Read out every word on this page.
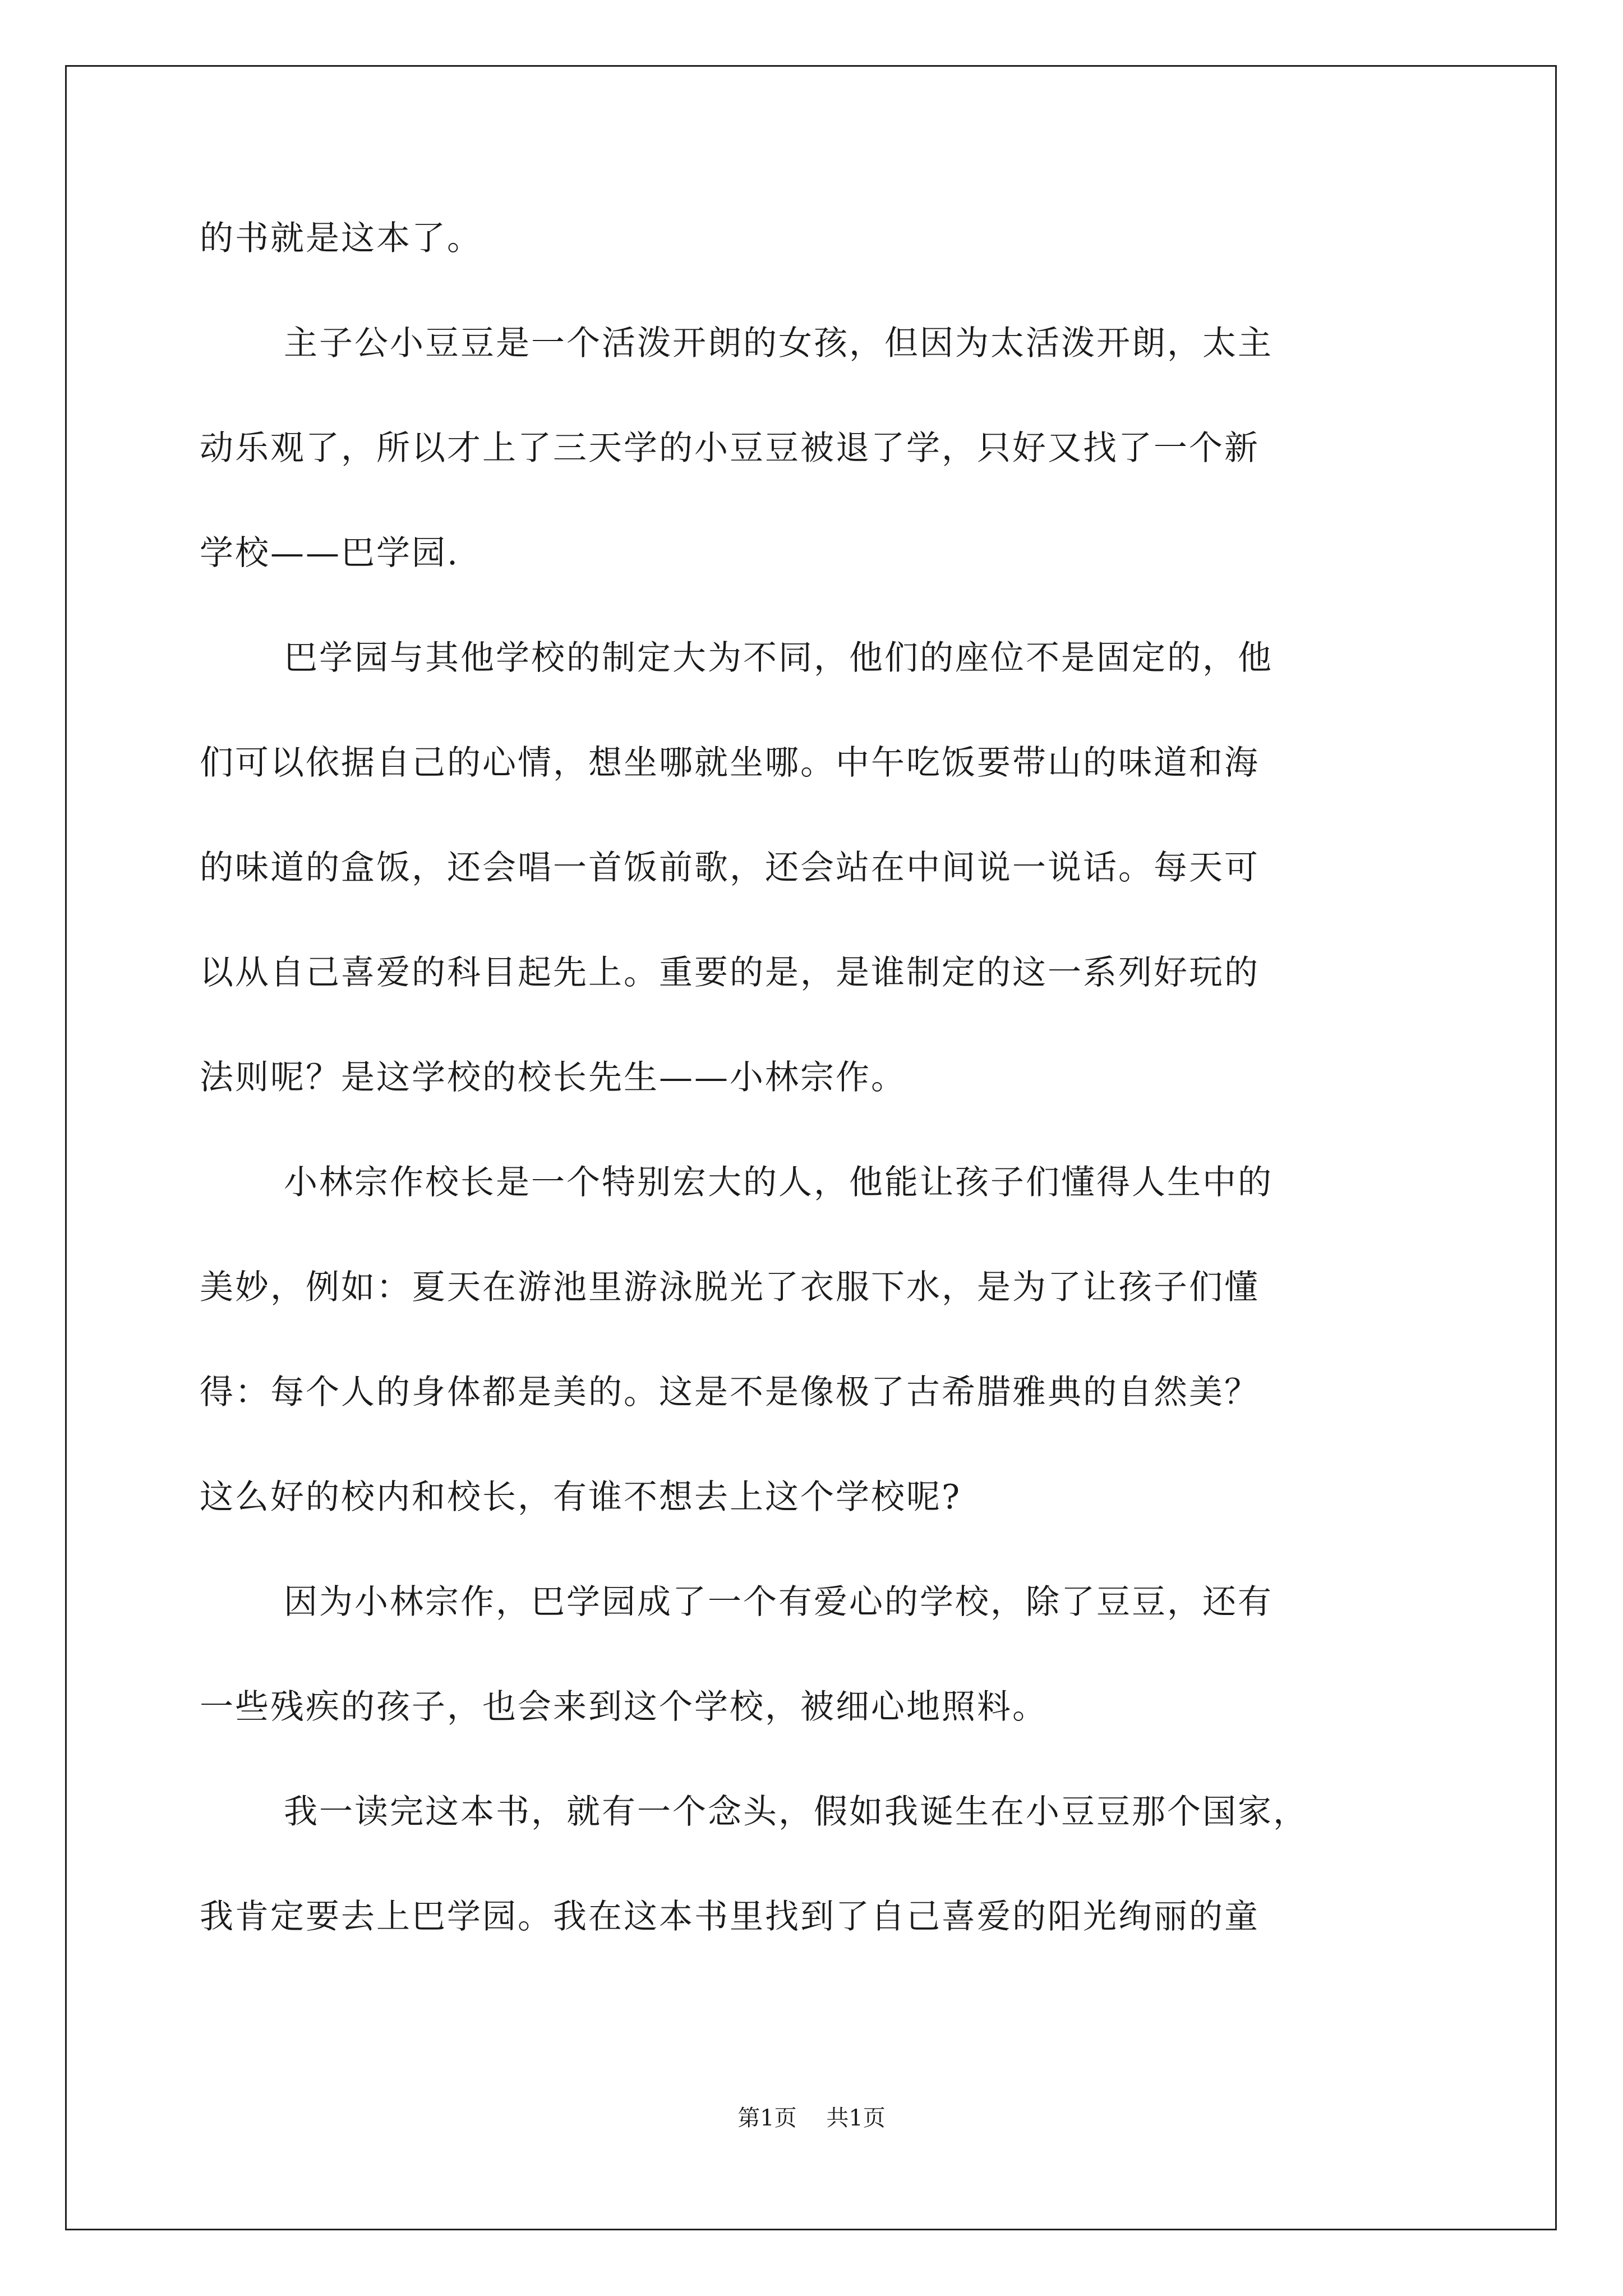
的书就是这本了。
主子公小豆豆是一个活泼开朗的女孩，但因为太活泼开朗，太主
动乐观了，所以才上了三天学的小豆豆被退了学，只好又找了一个新
学校——巴学园.
巴学园与其他学校的制定大为不同，他们的座位不是固定的，他
们可以依据自己的心情，想坐哪就坐哪。中午吃饭要带山的味道和海
的味道的盒饭，还会唱一首饭前歌，还会站在中间说一说话。每天可
以从自己喜爱的科目起先上。重要的是，是谁制定的这一系列好玩的
法则呢？是这学校的校长先生——小林宗作。
小林宗作校长是一个特别宏大的人，他能让孩子们懂得人生中的
美妙，例如：夏天在游池里游泳脱光了衣服下水，是为了让孩子们懂
得：每个人的身体都是美的。这是不是像极了古希腊雅典的自然美？
这么好的校内和校长，有谁不想去上这个学校呢?
因为小林宗作，巴学园成了一个有爱心的学校，除了豆豆，还有
一些残疾的孩子，也会来到这个学校，被细心地照料。
我一读完这本书，就有一个念头，假如我诞生在小豆豆那个国家，
我肯定要去上巴学园。我在这本书里找到了自己喜爱的阳光绚丽的童
第1页 共1页
